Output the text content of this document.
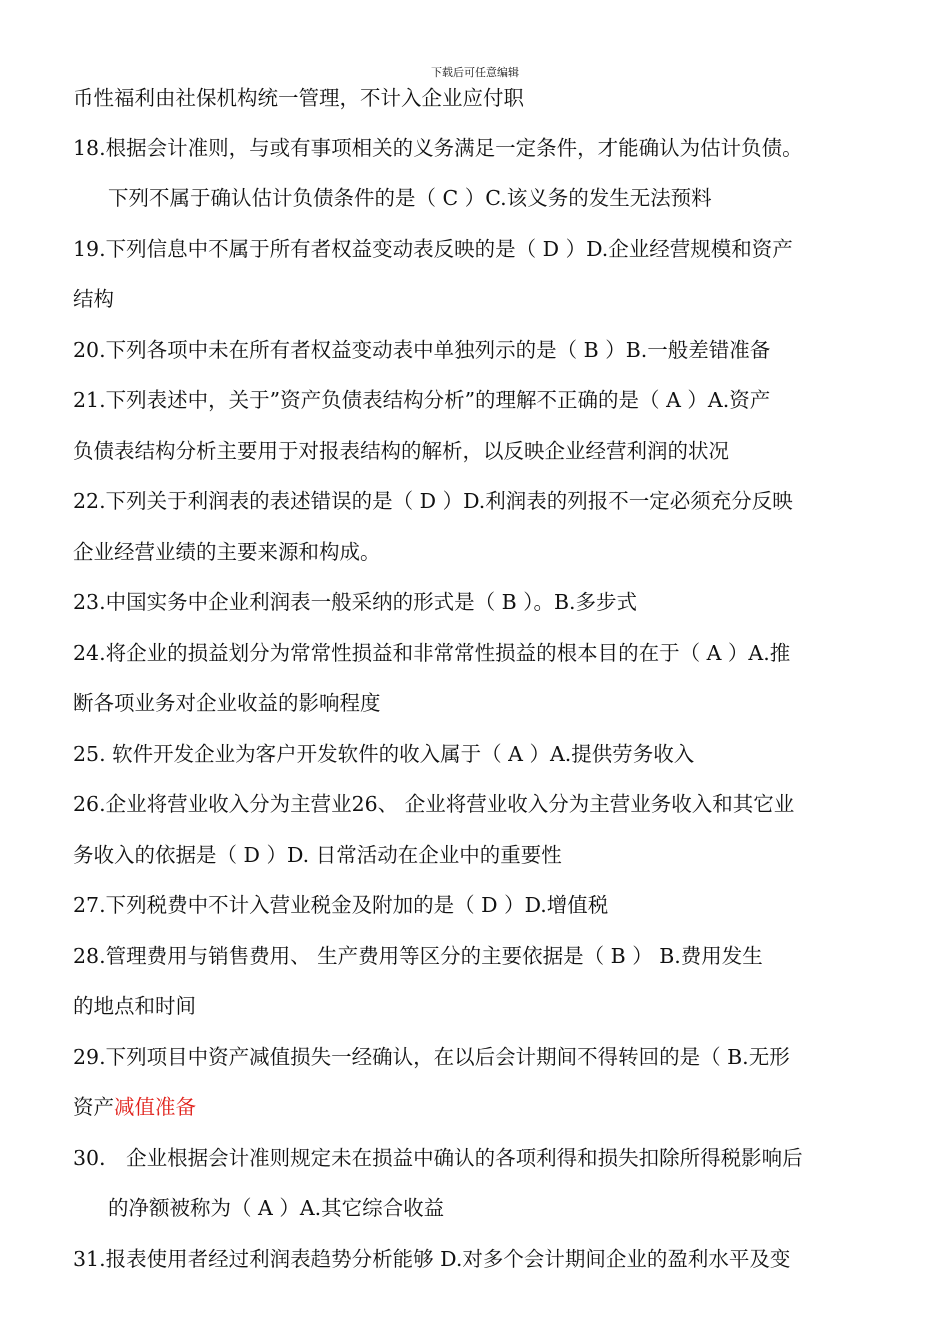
下载后可任意编辑
币性福利由社保机构统一管理，不计入企业应付职
18.根据会计准则，与或有事项相关的义务满足一定条件，才能确认为估计负债。
下列不属于确认估计负债条件的是（ C ）C.该义务的发生无法预料
19.下列信息中不属于所有者权益变动表反映的是（ D ）D.企业经营规模和资产
结构
20.下列各项中未在所有者权益变动表中单独列示的是（ B ）B.一般差错准备
21.下列表述中，关于”资产负债表结构分析”的理解不正确的是（ A ）A.资产
负债表结构分析主要用于对报表结构的解析，以反映企业经营利润的状况
22.下列关于利润表的表述错误的是（ D ）D.利润表的列报不一定必须充分反映
企业经营业绩的主要来源和构成。
23.中国实务中企业利润表一般采纳的形式是（ B ）。B.多步式
24.将企业的损益划分为常常性损益和非常常性损益的根本目的在于（ A ）A.推
断各项业务对企业收益的影响程度
25. 软件开发企业为客户开发软件的收入属于（ A ）A.提供劳务收入
26.企业将营业收入分为主营业26、 企业将营业收入分为主营业务收入和其它业
务收入的依据是（ D ）D. 日常活动在企业中的重要性
27.下列税费中不计入营业税金及附加的是（ D ）D.增值税
28.管理费用与销售费用、 生产费用等区分的主要依据是（ B ） B.费用发生
的地点和时间
29.下列项目中资产减值损失一经确认，在以后会计期间不得转回的是（ B.无形
资产减值准备
30． 企业根据会计准则规定未在损益中确认的各项利得和损失扣除所得税影响后
的净额被称为（ A ）A.其它综合收益
31.报表使用者经过利润表趋势分析能够 D.对多个会计期间企业的盈利水平及变
